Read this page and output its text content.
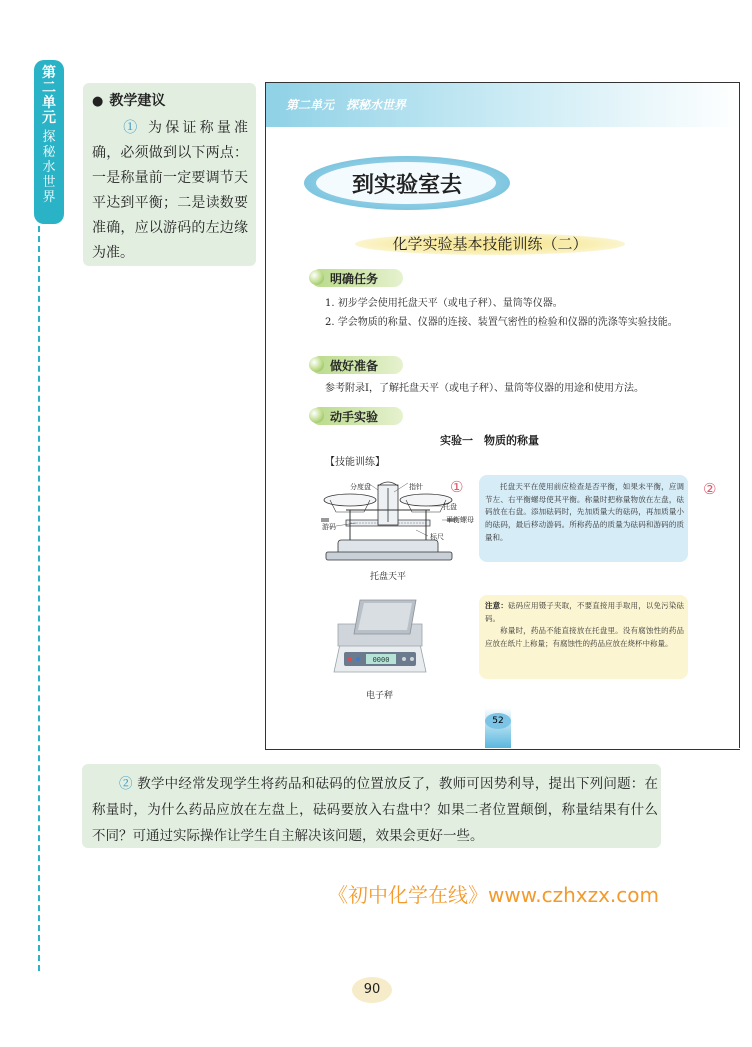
第
二
单
元
探
秘
水
世
界
● 教学建议
① 为保证称量准确，必须做到以下两点：一是称量前一定要调节天平达到平衡；二是读数要准确，应以游码的左边缘为准。
第二单元　探秘水世界
到实验室去
化学实验基本技能训练（二）
明确任务
1. 初步学会使用托盘天平（或电子秤）、量筒等仪器。
2. 学会物质的称量、仪器的连接、装置气密性的检验和仪器的洗涤等实验技能。
做好准备
参考附录Ⅰ，了解托盘天平（或电子秤）、量筒等仪器的用途和使用方法。
动手实验
实验一　物质的称量
【技能训练】
①	②
分度盘	指针
托盘
平衡螺母
游码
标尺
托盘天平
0000
电子秤
托盘天平在使用前应检查是否平衡，如果未平衡，应调节左、右平衡螺母使其平衡。称量时把称量物放在左盘，砝码放在右盘。添加砝码时，先加质量大的砝码，再加质量小的砝码，最后移动游码。所称药品的质量为砝码和游码的质量和。
注意：砝码应用镊子夹取，不要直接用手取用，以免污染砝码。
称量时，药品不能直接放在托盘里。没有腐蚀性的药品应放在纸片上称量；有腐蚀性的药品应放在烧杯中称量。
52
② 教学中经常发现学生将药品和砝码的位置放反了，教师可因势利导，提出下列问题：在称量时，为什么药品应放在左盘上，砝码要放入右盘中？如果二者位置颠倒，称量结果有什么不同？可通过实际操作让学生自主解决该问题，效果会更好一些。
《初中化学在线》www.czhxzx.com
90
